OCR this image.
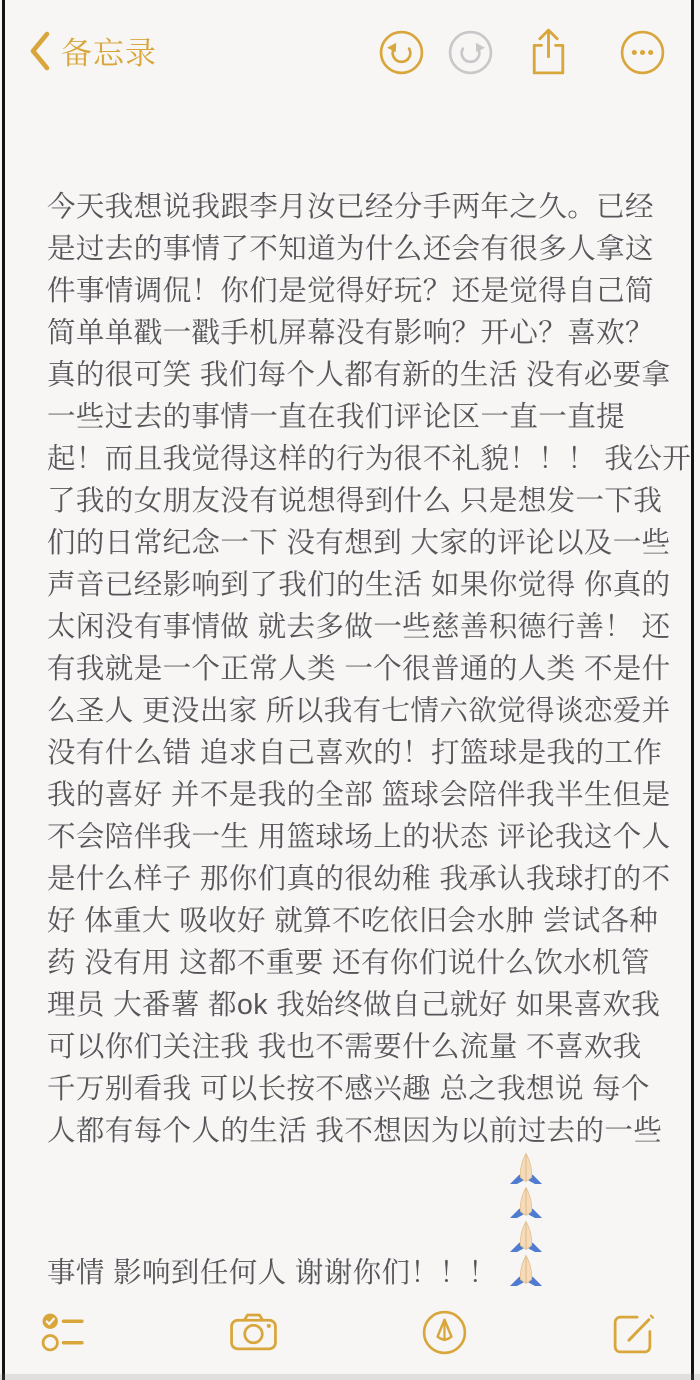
备忘录
今天我想说我跟李月汝已经分手两年之久。已经
是过去的事情了不知道为什么还会有很多人拿这
件事情调侃！你们是觉得好玩？还是觉得自己简
简单单戳一戳手机屏幕没有影响？开心？喜欢？
真的很可笑 我们每个人都有新的生活 没有必要拿
一些过去的事情一直在我们评论区一直一直提
起！而且我觉得这样的行为很不礼貌！！！ 我公开
了我的女朋友没有说想得到什么 只是想发一下我
们的日常纪念一下 没有想到 大家的评论以及一些
声音已经影响到了我们的生活 如果你觉得 你真的
太闲没有事情做 就去多做一些慈善积德行善！ 还
有我就是一个正常人类 一个很普通的人类 不是什
么圣人 更没出家 所以我有七情六欲觉得谈恋爱并
没有什么错 追求自己喜欢的！打篮球是我的工作
我的喜好 并不是我的全部 篮球会陪伴我半生但是
不会陪伴我一生 用篮球场上的状态 评论我这个人
是什么样子 那你们真的很幼稚 我承认我球打的不
好 体重大 吸收好 就算不吃依旧会水肿 尝试各种
药 没有用 这都不重要 还有你们说什么饮水机管
理员 大番薯 都ok 我始终做自己就好 如果喜欢我
可以你们关注我 我也不需要什么流量 不喜欢我
千万别看我 可以长按不感兴趣 总之我想说 每个
人都有每个人的生活 我不想因为以前过去的一些
事情 影响到任何人 谢谢你们！！！
